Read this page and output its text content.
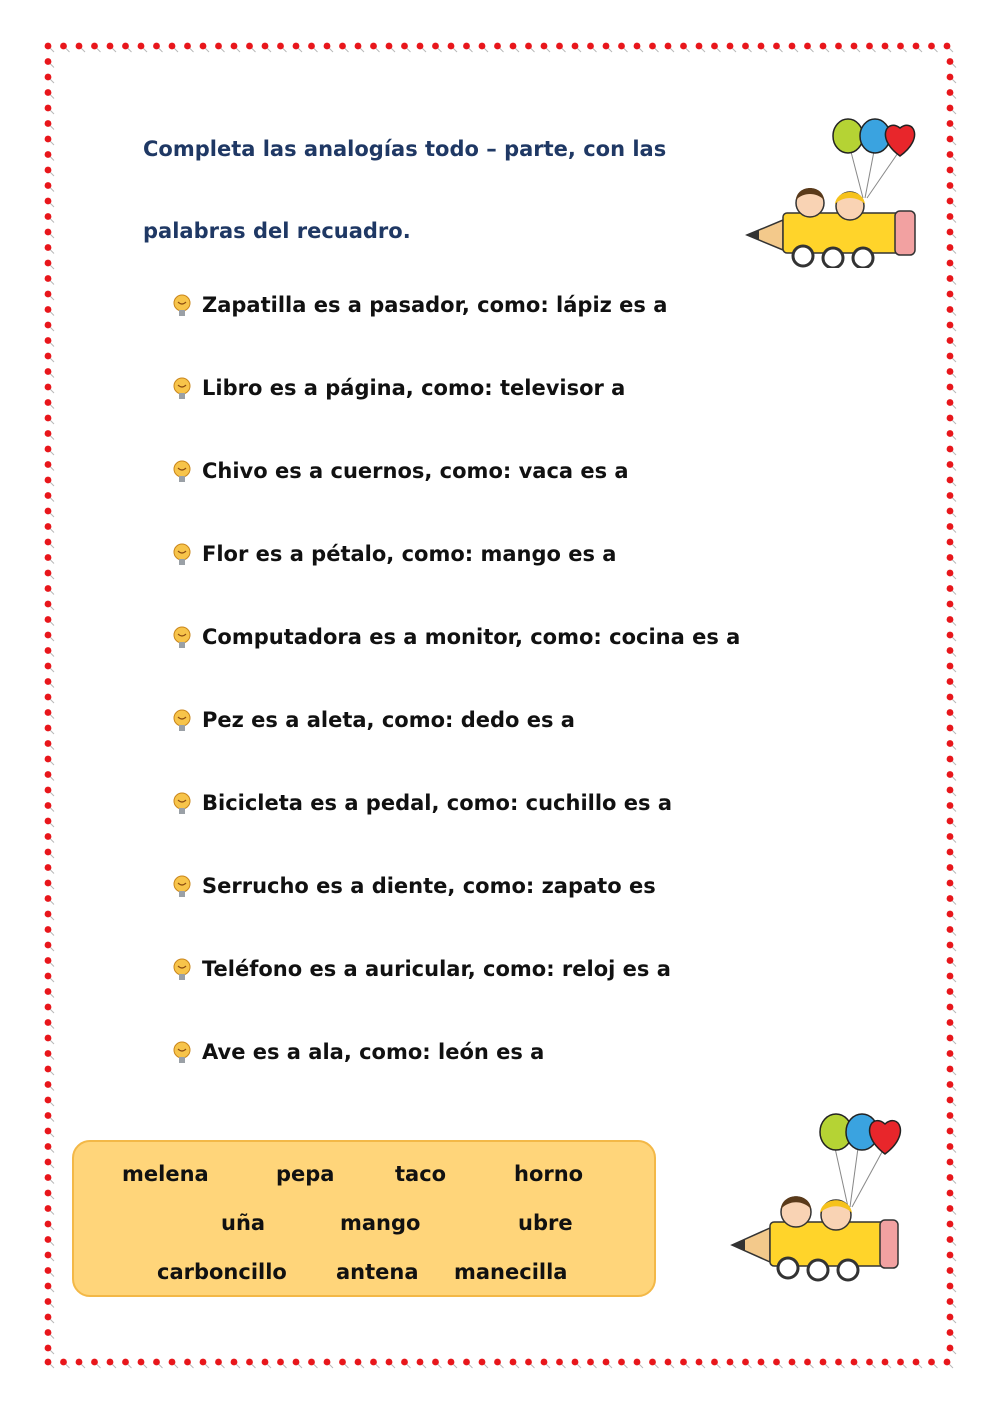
Completa las analogías todo – parte, con las
palabras del recuadro.

Zapatilla es a pasador, como: lápiz es a
Libro es a página, como: televisor a
Chivo es a cuernos, como: vaca es a
Flor es a pétalo, como: mango es a
Computadora es a monitor, como: cocina es a
Pez es a aleta, como: dedo es a
Bicicleta es a pedal, como: cuchillo es a
Serrucho es a diente, como: zapato es
Teléfono es a auricular, como: reloj es a
Ave es a ala, como: león es a
melena	pepa	taco	horno
uña	mango	ubre
carboncillo antena manecilla
